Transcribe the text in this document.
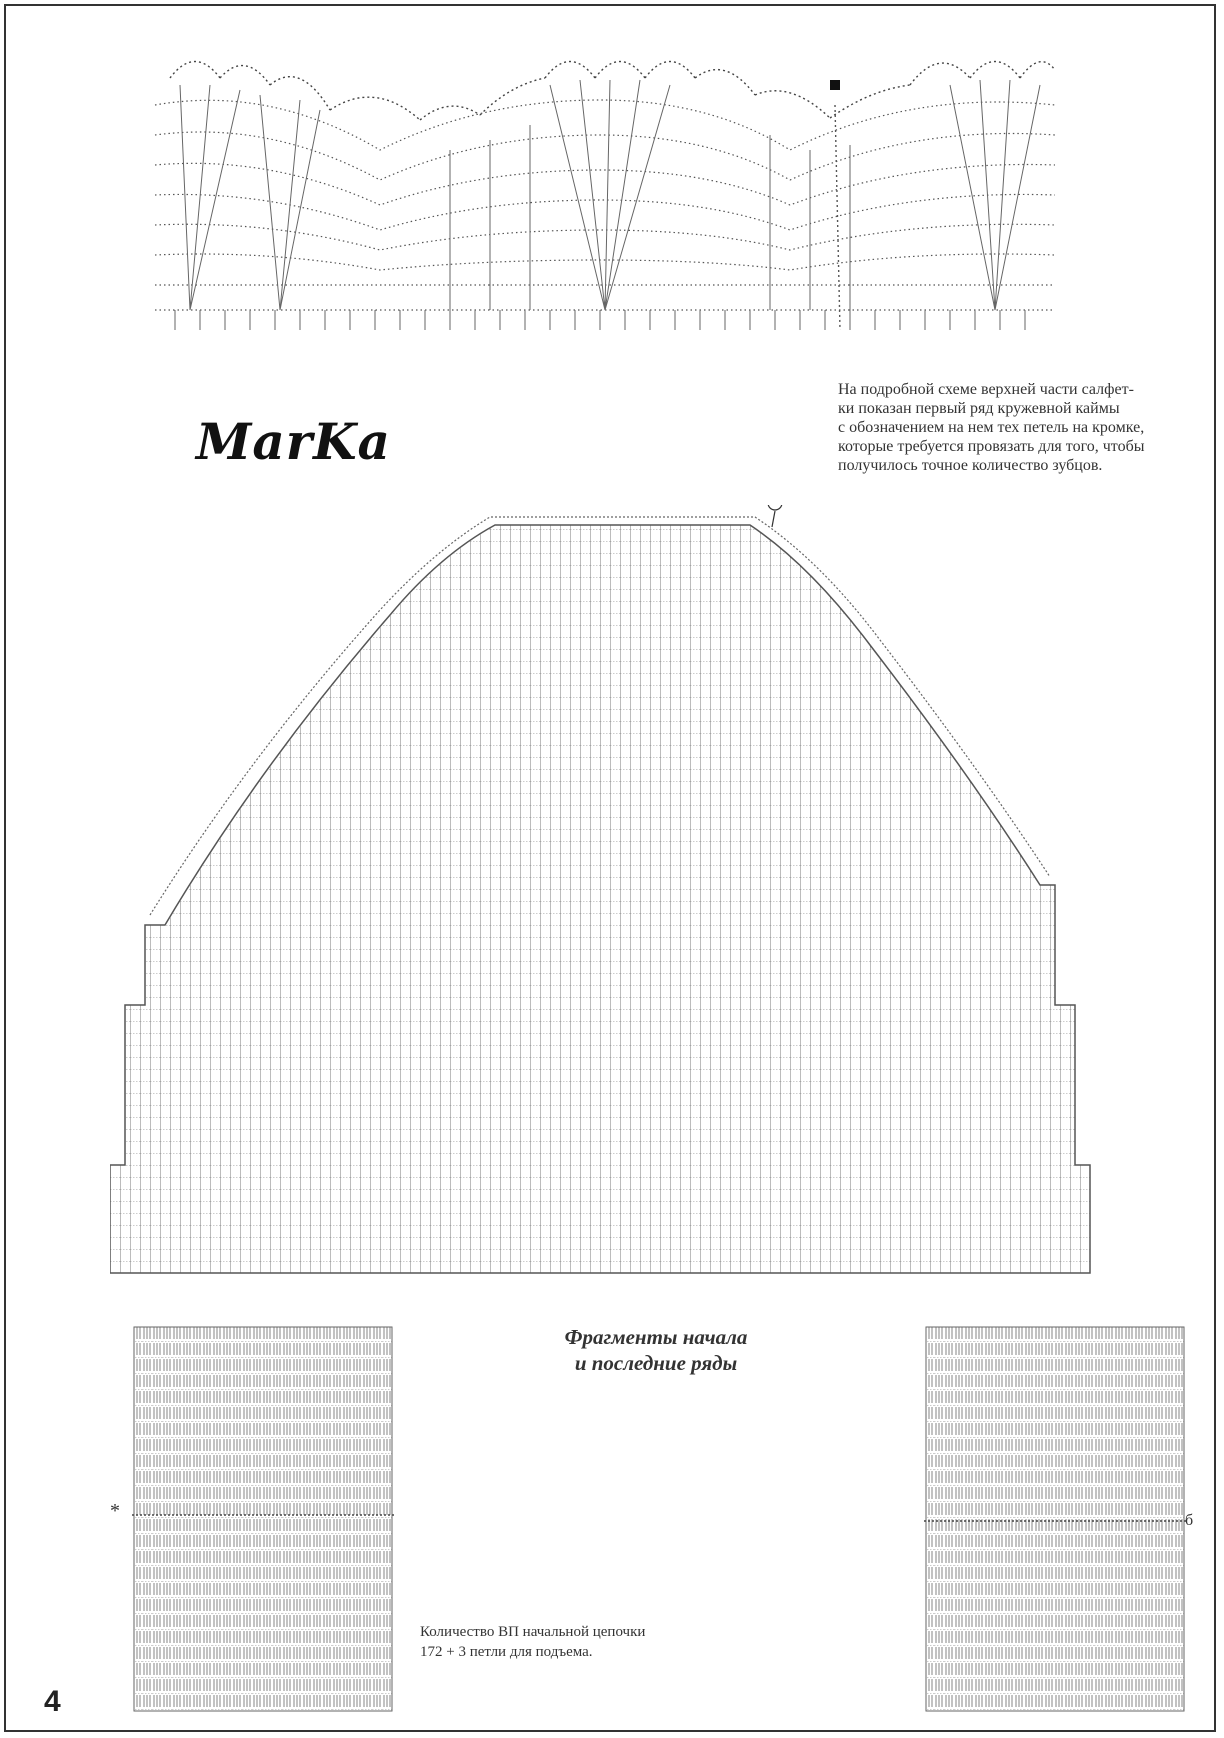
MarKa
На подробной схеме верхней части салфет-
ки показан первый ряд кружевной каймы
с обозначением на нем тех петель на кромке,
которые требуется провязать для того, чтобы
получилось точное количество зубцов.
Фрагменты начала
и последние ряды
*	б
Количество ВП начальной цепочки
172 + 3 петли для подъема.
4
